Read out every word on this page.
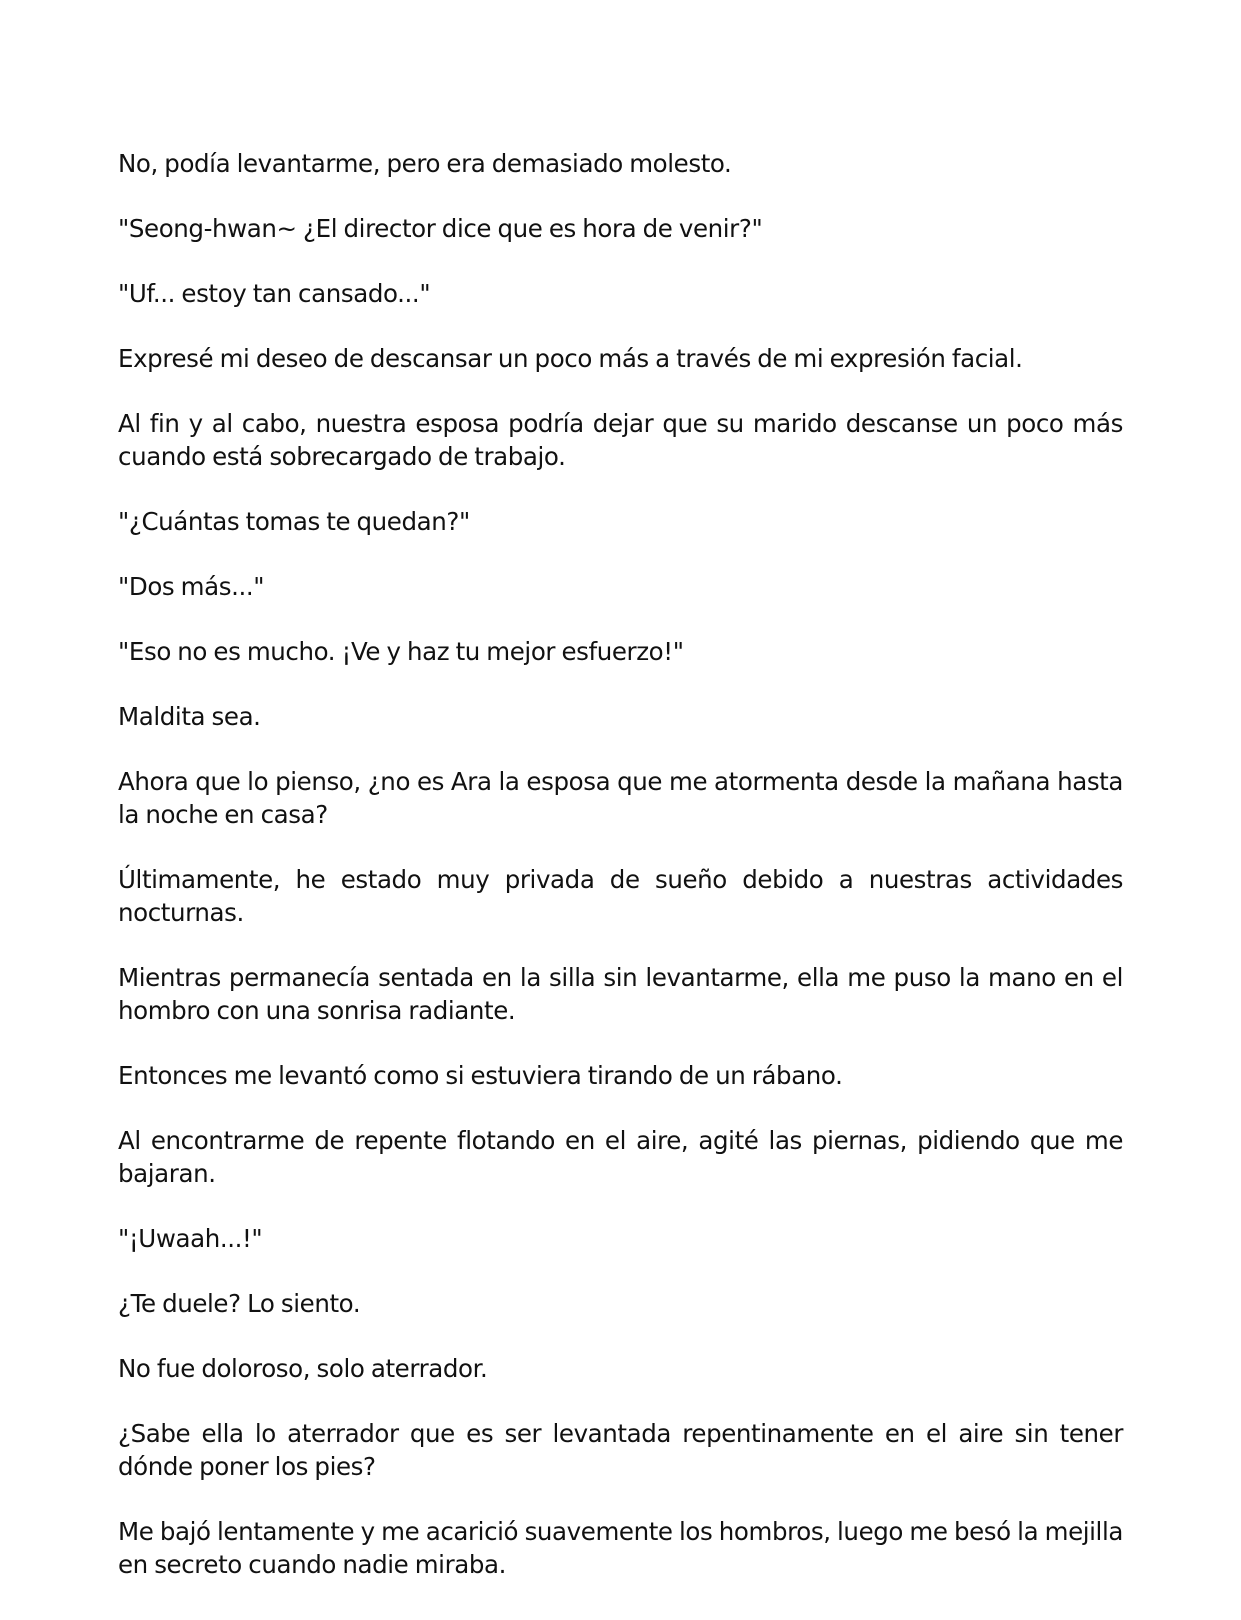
No, podía levantarme, pero era demasiado molesto.

"Seong-hwan~ ¿El director dice que es hora de venir?"

"Uf... estoy tan cansado..."

Expresé mi deseo de descansar un poco más a través de mi expresión facial.

Al fin y al cabo, nuestra esposa podría dejar que su marido descanse un poco más cuando está sobrecargado de trabajo.

"¿Cuántas tomas te quedan?"

"Dos más..."

"Eso no es mucho. ¡Ve y haz tu mejor esfuerzo!"

Maldita sea.

Ahora que lo pienso, ¿no es Ara la esposa que me atormenta desde la mañana hasta la noche en casa?

Últimamente, he estado muy privada de sueño debido a nuestras actividades nocturnas.

Mientras permanecía sentada en la silla sin levantarme, ella me puso la mano en el hombro con una sonrisa radiante.

Entonces me levantó como si estuviera tirando de un rábano.

Al encontrarme de repente flotando en el aire, agité las piernas, pidiendo que me bajaran.

"¡Uwaah...!"

¿Te duele? Lo siento.

No fue doloroso, solo aterrador.

¿Sabe ella lo aterrador que es ser levantada repentinamente en el aire sin tener dónde poner los pies?

Me bajó lentamente y me acarició suavemente los hombros, luego me besó la mejilla en secreto cuando nadie miraba.
